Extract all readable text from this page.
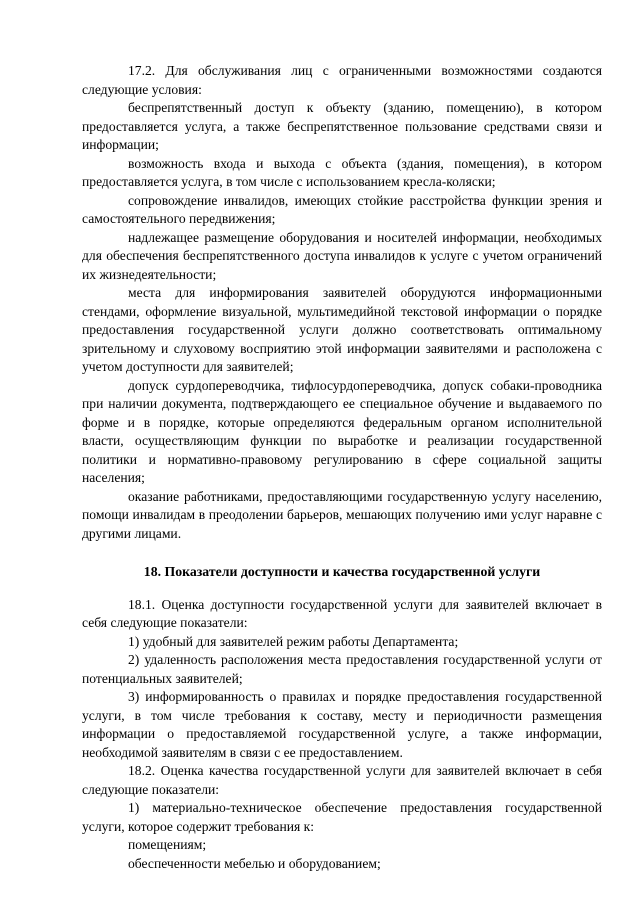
17.2. Для обслуживания лиц с ограниченными возможностями создаются следующие условия:

беспрепятственный доступ к объекту (зданию, помещению), в котором предоставляется услуга, а также беспрепятственное пользование средствами связи и информации;

возможность входа и выхода с объекта (здания, помещения), в котором предоставляется услуга, в том числе с использованием кресла-коляски;

сопровождение инвалидов, имеющих стойкие расстройства функции зрения и самостоятельного передвижения;

надлежащее размещение оборудования и носителей информации, необходимых для обеспечения беспрепятственного доступа инвалидов к услуге с учетом ограничений их жизнедеятельности;

места для информирования заявителей оборудуются информационными стендами, оформление визуальной, мультимедийной текстовой информации о порядке предоставления государственной услуги должно соответствовать оптимальному зрительному и слуховому восприятию этой информации заявителями и расположена с учетом доступности для заявителей;

допуск сурдопереводчика, тифлосурдопереводчика, допуск собаки-проводника при наличии документа, подтверждающего ее специальное обучение и выдаваемого по форме и в порядке, которые определяются федеральным органом исполнительной власти, осуществляющим функции по выработке и реализации государственной политики и нормативно-правовому регулированию в сфере социальной защиты населения;

оказание работниками, предоставляющими государственную услугу населению, помощи инвалидам в преодолении барьеров, мешающих получению ими услуг наравне с другими лицами.

18. Показатели доступности и качества государственной услуги

18.1. Оценка доступности государственной услуги для заявителей включает в себя следующие показатели:

1) удобный для заявителей режим работы Департамента;

2) удаленность расположения места предоставления государственной услуги от потенциальных заявителей;

3) информированность о правилах и порядке предоставления государственной услуги, в том числе требования к составу, месту и периодичности размещения информации о предоставляемой государственной услуге, а также информации, необходимой заявителям в связи с ее предоставлением.

18.2. Оценка качества государственной услуги для заявителей включает в себя следующие показатели:

1) материально-техническое обеспечение предоставления государственной услуги, которое содержит требования к:

помещениям;

обеспеченности мебелью и оборудованием;
